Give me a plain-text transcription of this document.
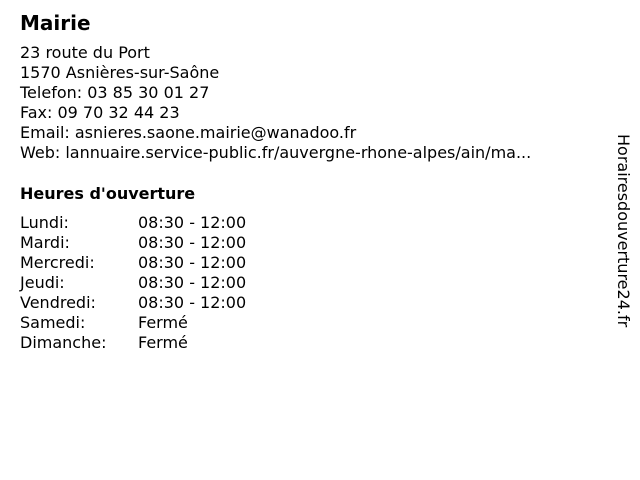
Mairie
23 route du Port
1570 Asnières-sur-Saône
Telefon: 03 85 30 01 27
Fax: 09 70 32 44 23
Email: asnieres.saone.mairie@wanadoo.fr
Web: lannuaire.service-public.fr/auvergne-rhone-alpes/ain/ma...
Heures d'ouverture
Lundi:	08:30 - 12:00
Mardi:	08:30 - 12:00
Mercredi:	08:30 - 12:00
Jeudi:	08:30 - 12:00
Vendredi:	08:30 - 12:00
Samedi:	Fermé
Dimanche: Fermé
Horairesdouverture24.fr
